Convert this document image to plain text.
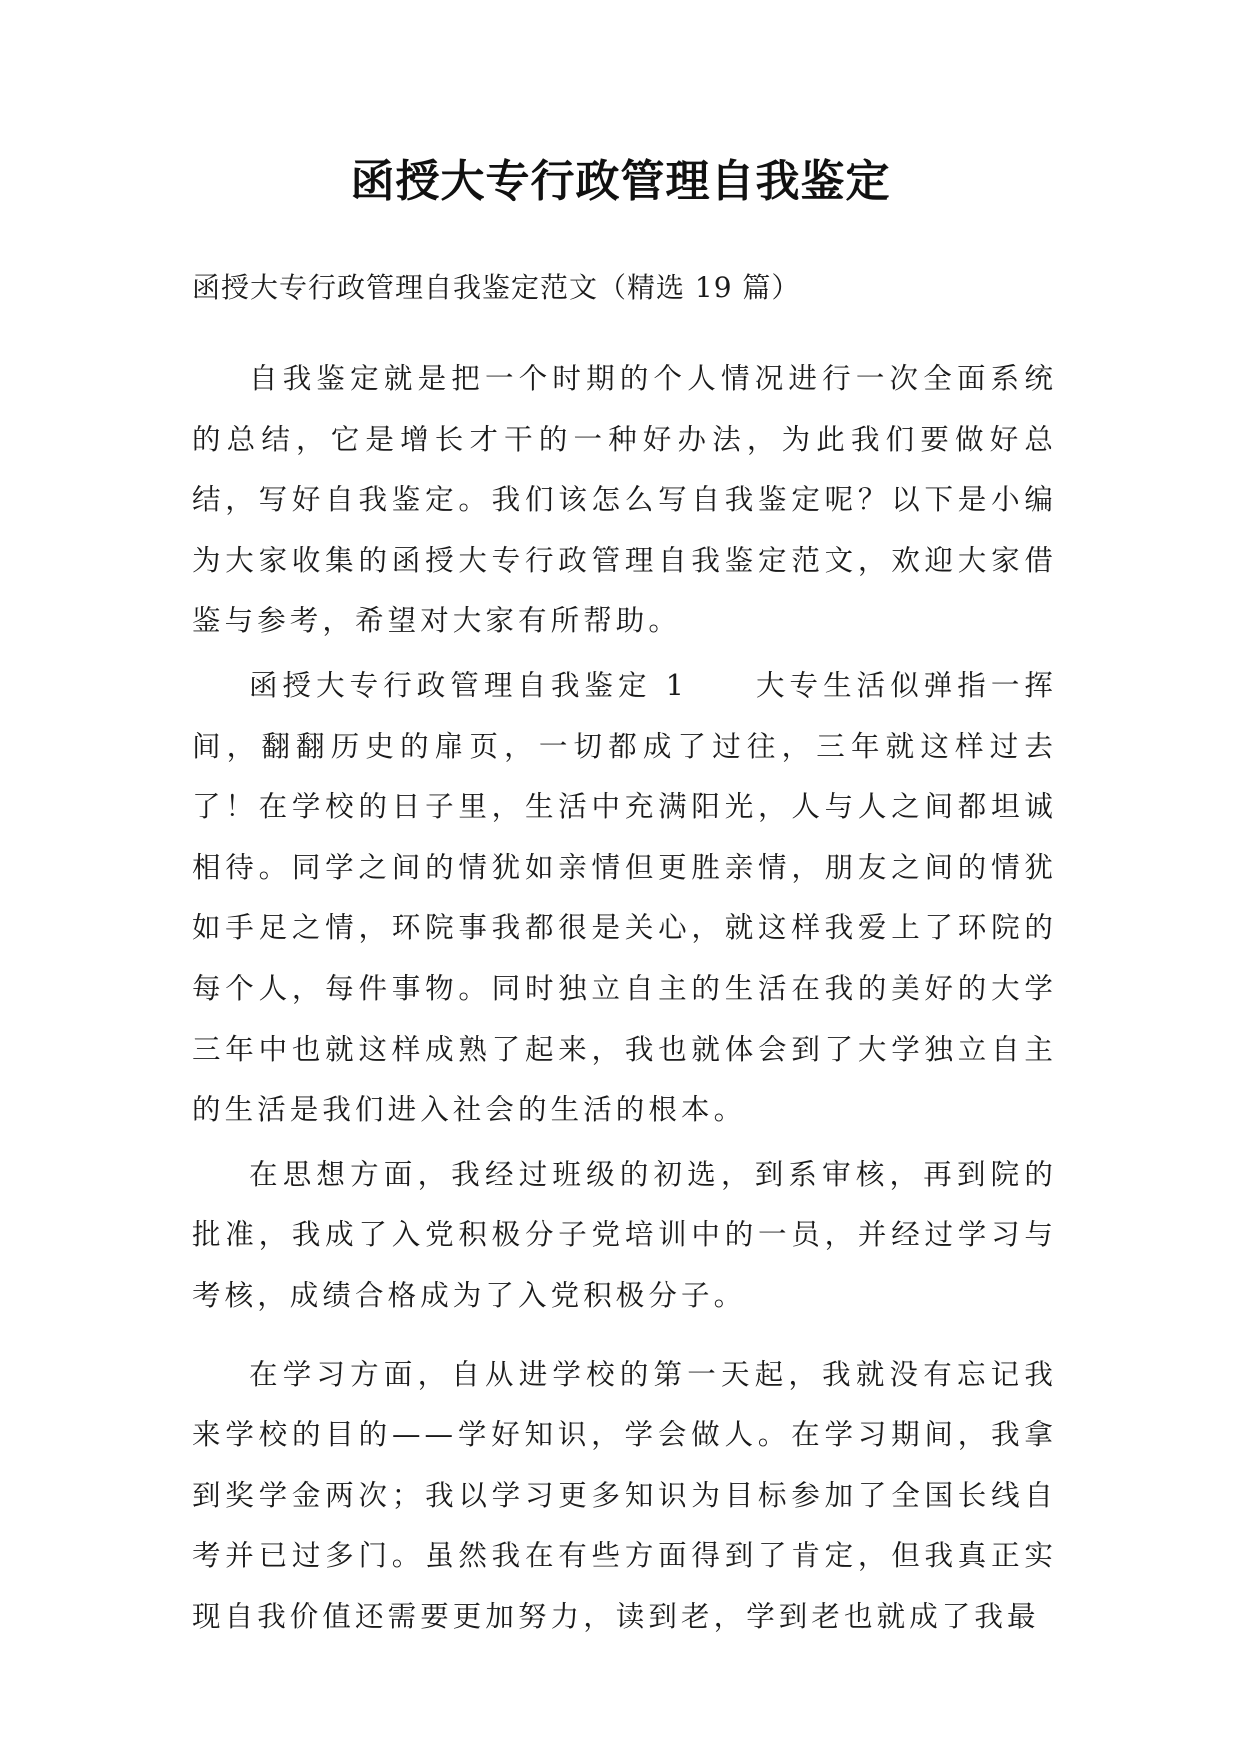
函授大专行政管理自我鉴定
函授大专行政管理自我鉴定范文（精选 19 篇）

自我鉴定就是把一个时期的个人情况进行一次全面系统的总结，它是增长才干的一种好办法，为此我们要做好总结，写好自我鉴定。我们该怎么写自我鉴定呢？以下是小编为大家收集的函授大专行政管理自我鉴定范文，欢迎大家借鉴与参考，希望对大家有所帮助。

函授大专行政管理自我鉴定 1　　大专生活似弹指一挥间，翻翻历史的扉页，一切都成了过往，三年就这样过去了！在学校的日子里，生活中充满阳光，人与人之间都坦诚相待。同学之间的情犹如亲情但更胜亲情，朋友之间的情犹如手足之情，环院事我都很是关心，就这样我爱上了环院的每个人，每件事物。同时独立自主的生活在我的美好的大学三年中也就这样成熟了起来，我也就体会到了大学独立自主的生活是我们进入社会的生活的根本。

在思想方面，我经过班级的初选，到系审核，再到院的批准，我成了入党积极分子党培训中的一员，并经过学习与考核，成绩合格成为了入党积极分子。

在学习方面，自从进学校的第一天起，我就没有忘记我来学校的目的——学好知识，学会做人。在学习期间，我拿到奖学金两次；我以学习更多知识为目标参加了全国长线自考并已过多门。虽然我在有些方面得到了肯定，但我真正实现自我价值还需要更加努力，读到老，学到老也就成了我最
